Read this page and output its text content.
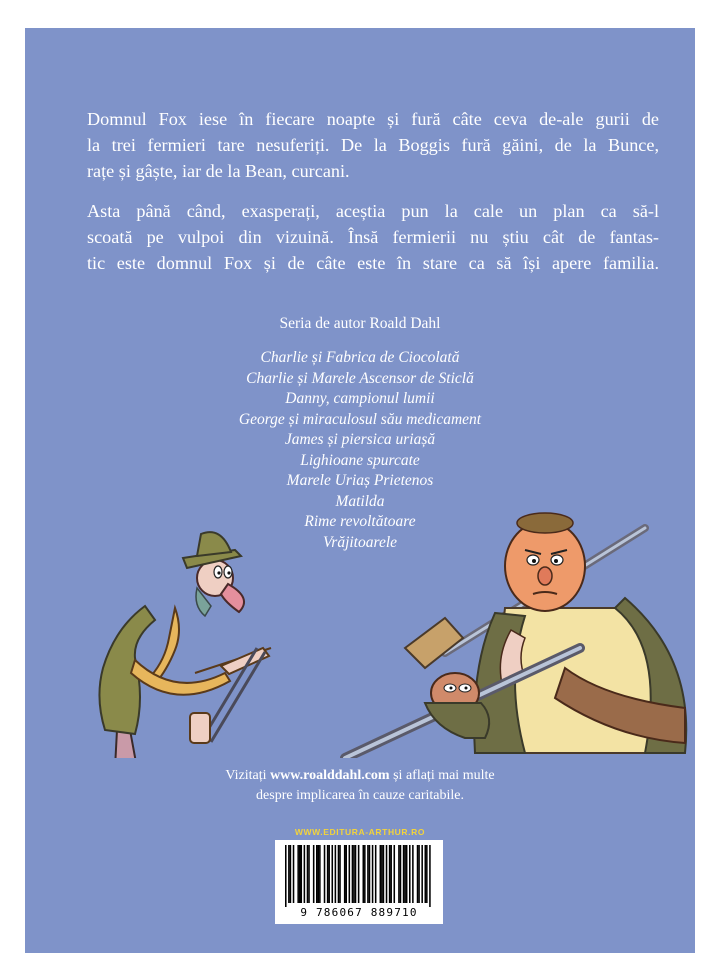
Domnul Fox iese în fiecare noapte și fură câte ceva de-ale gurii de
la trei fermieri tare nesuferiți. De la Boggis fură găini, de la Bunce,
rațe și gâște, iar de la Bean, curcani.

Asta până când, exasperați, aceștia pun la cale un plan ca să-l
scoată pe vulpoi din vizuină. Însă fermierii nu știu cât de fantas-
tic este domnul Fox și de câte este în stare ca să își apere familia.

Seria de autor Roald Dahl
Charlie și Fabrica de Ciocolată
Charlie și Marele Ascensor de Sticlă
Danny, campionul lumii
George și miraculosul său medicament
James și piersica uriașă
Lighioane spurcate
Marele Uriaș Prietenos
Matilda
Rime revoltătoare
Vrăjitoarele
Vizitați www.roalddahl.com și aflați mai multe
despre implicarea în cauze caritabile.
WWW.EDITURA-ARTHUR.RO
9 786067 889710
